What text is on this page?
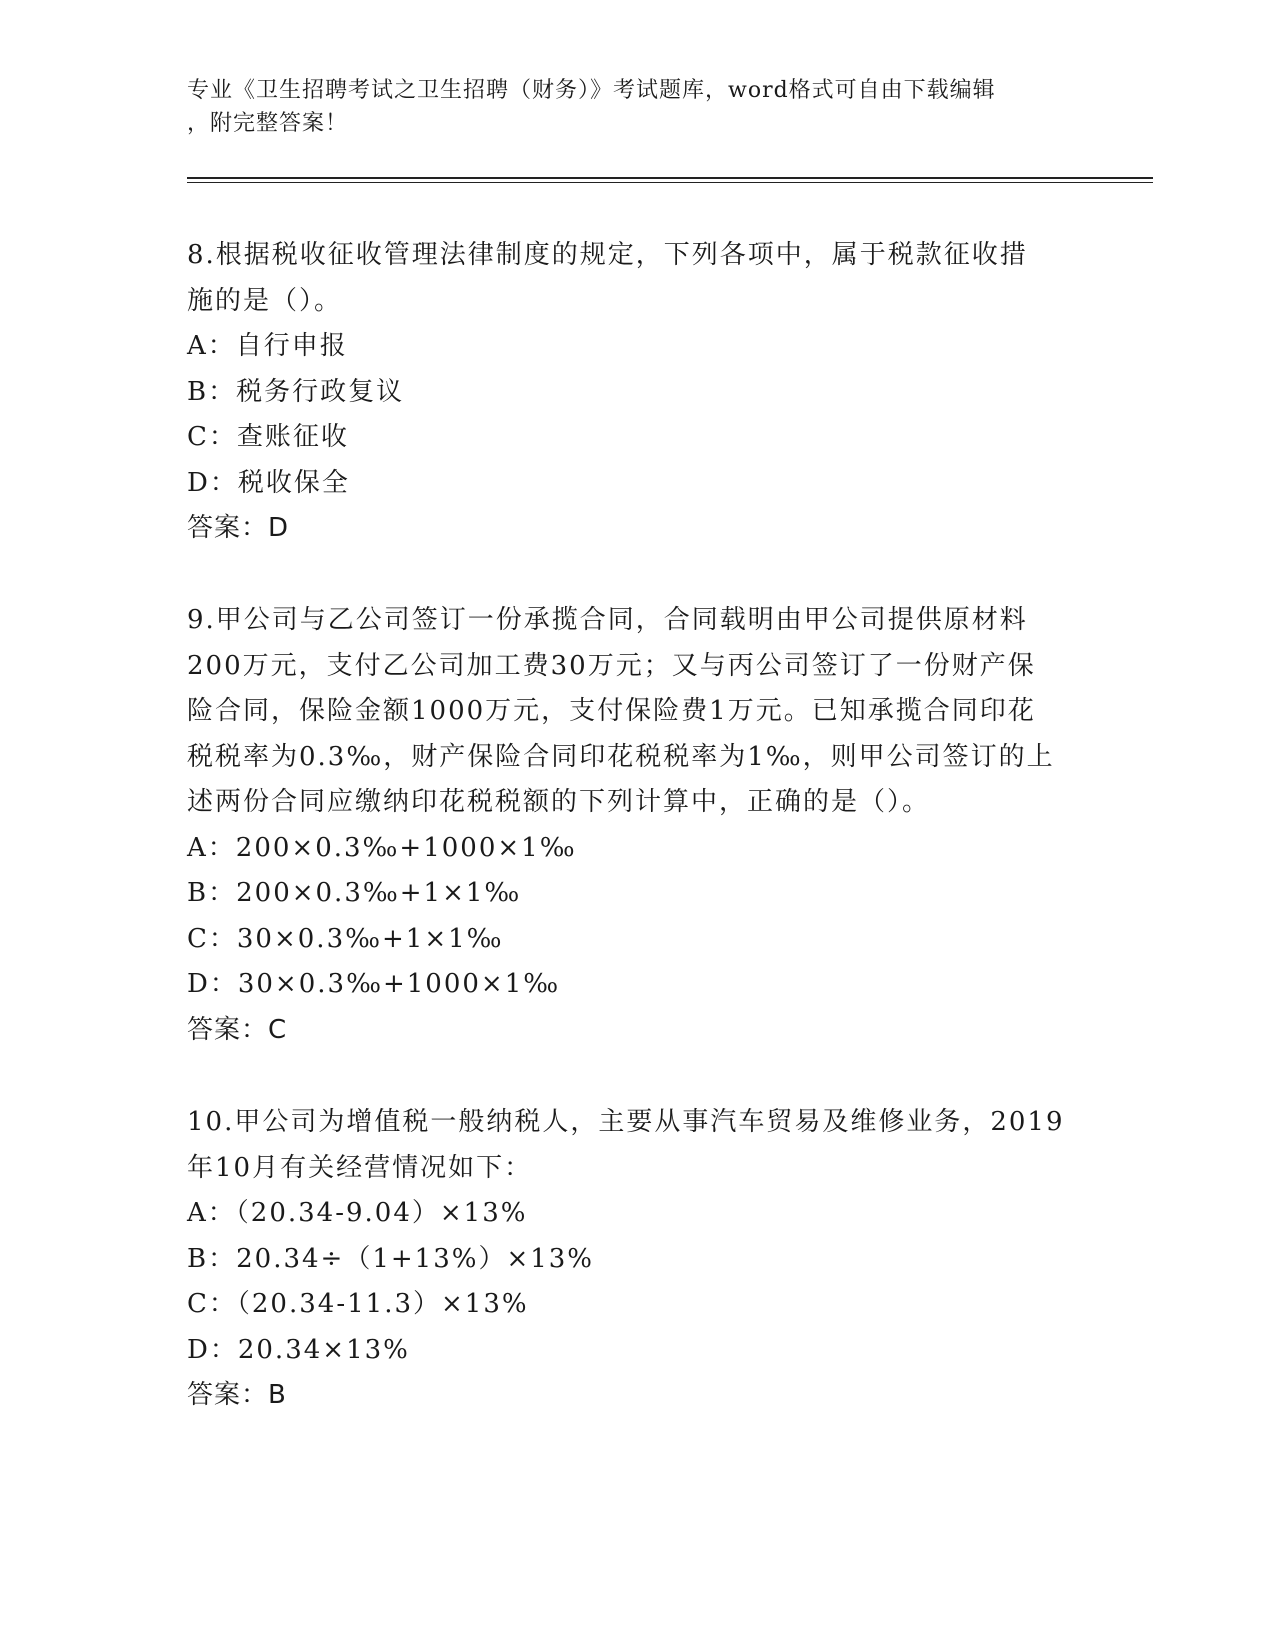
专业《卫生招聘考试之卫生招聘（财务）》考试题库，word格式可自由下载编辑
，附完整答案！
8.根据税收征收管理法律制度的规定，下列各项中，属于税款征收措
施的是（）。
A：自行申报
B：税务行政复议
C：查账征收
D：税收保全
答案：D
9.甲公司与乙公司签订一份承揽合同，合同载明由甲公司提供原材料
200万元，支付乙公司加工费30万元；又与丙公司签订了一份财产保
险合同，保险金额1000万元，支付保险费1万元。已知承揽合同印花
税税率为0.3‰，财产保险合同印花税税率为1‰，则甲公司签订的上
述两份合同应缴纳印花税税额的下列计算中，正确的是（）。
A：200×0.3‰+1000×1‰
B：200×0.3‰+1×1‰
C：30×0.3‰+1×1‰
D：30×0.3‰+1000×1‰
答案：C
10.甲公司为增值税一般纳税人，主要从事汽车贸易及维修业务，2019
年10月有关经营情况如下：
A：（20.34-9.04）×13%
B：20.34÷（1+13%）×13%
C：（20.34-11.3）×13%
D：20.34×13%
答案：B
